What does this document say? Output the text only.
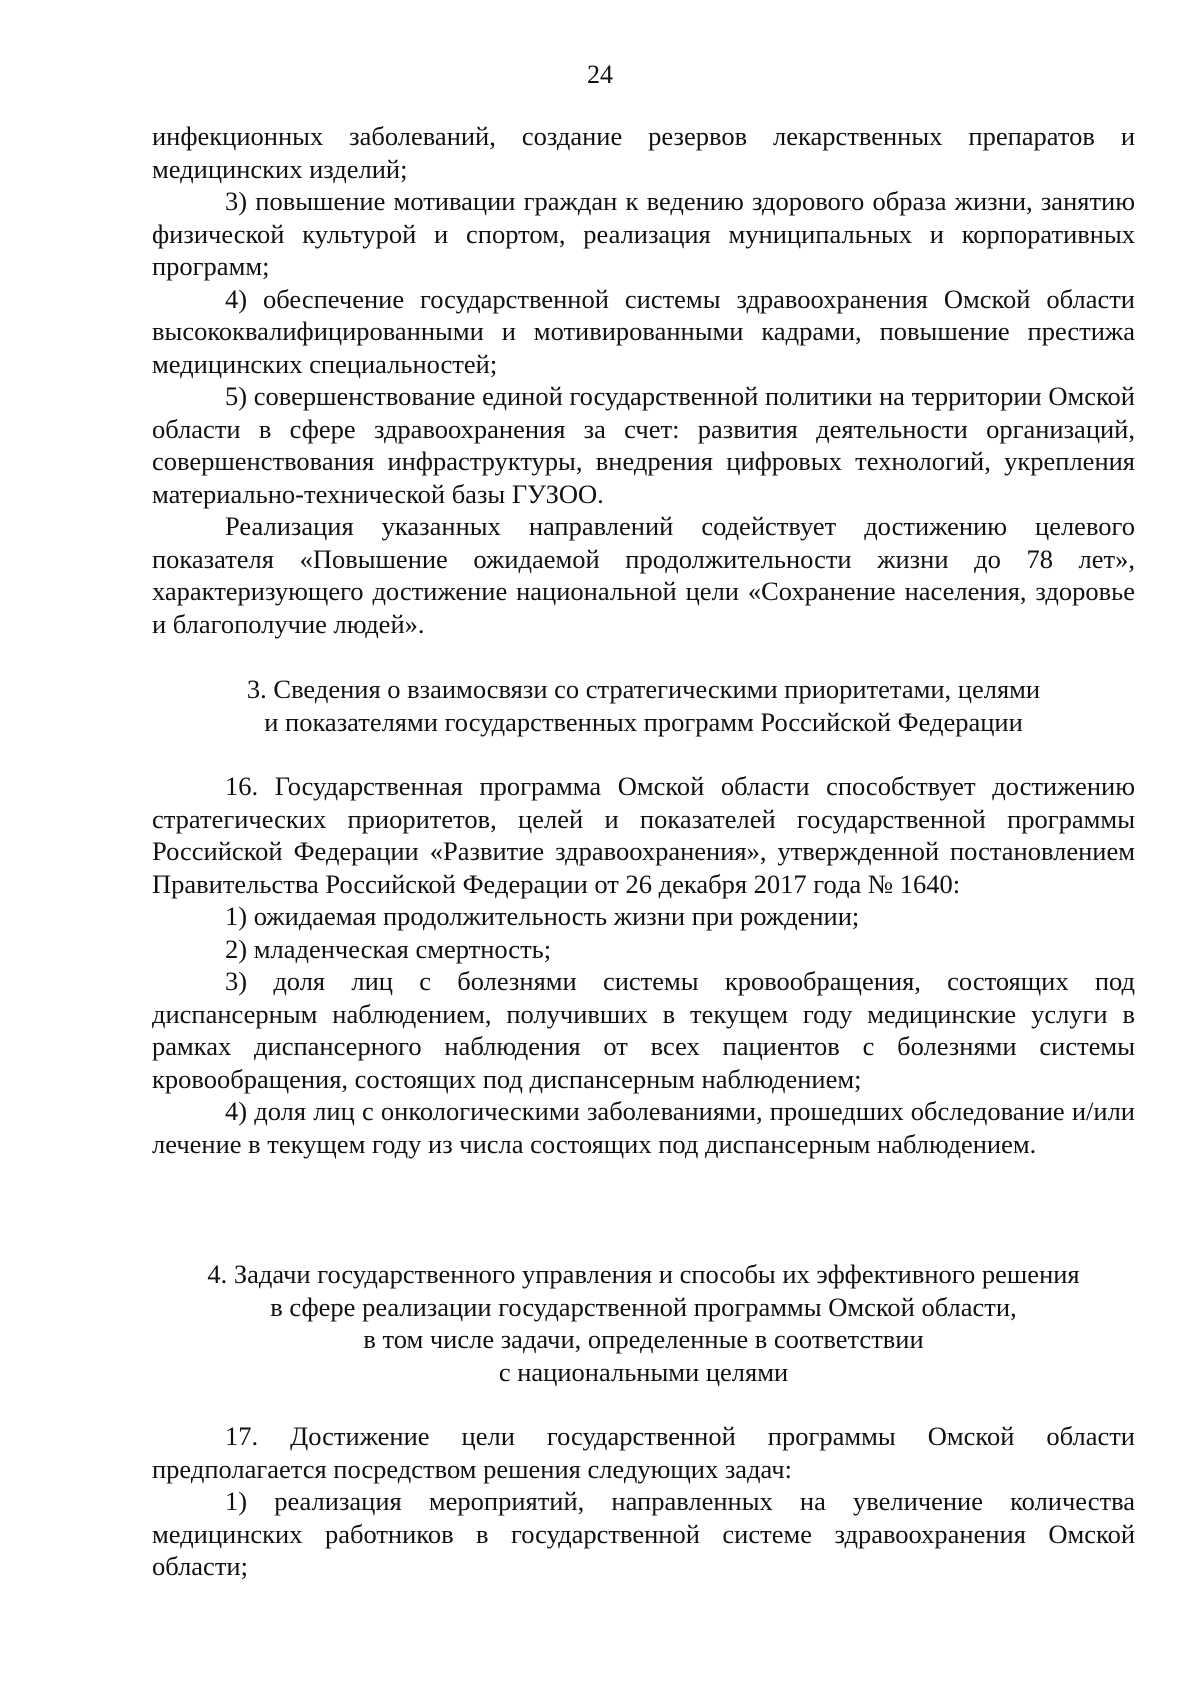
24

инфекционных заболеваний, создание резервов лекарственных препаратов и медицинских изделий;

3) повышение мотивации граждан к ведению здорового образа жизни, занятию физической культурой и спортом, реализация муниципальных и корпоративных программ;

4) обеспечение государственной системы здравоохранения Омской области высококвалифицированными и мотивированными кадрами, повышение престижа медицинских специальностей;

5) совершенствование единой государственной политики на территории Омской области в сфере здравоохранения за счет: развития деятельности организаций, совершенствования инфраструктуры, внедрения цифровых технологий, укрепления материально-технической базы ГУЗОО.

Реализация указанных направлений содействует достижению целевого показателя «Повышение ожидаемой продолжительности жизни до 78 лет», характеризующего достижение национальной цели «Сохранение населения, здоровье и благополучие людей».

3. Сведения о взаимосвязи со стратегическими приоритетами, целями
и показателями государственных программ Российской Федерации

16. Государственная программа Омской области способствует достижению стратегических приоритетов, целей и показателей государственной программы Российской Федерации «Развитие здравоохранения», утвержденной постановлением Правительства Российской Федерации от 26 декабря 2017 года № 1640:

1) ожидаемая продолжительность жизни при рождении;

2) младенческая смертность;

3) доля лиц с болезнями системы кровообращения, состоящих под диспансерным наблюдением, получивших в текущем году медицинские услуги в рамках диспансерного наблюдения от всех пациентов с болезнями системы кровообращения, состоящих под диспансерным наблюдением;

4) доля лиц с онкологическими заболеваниями, прошедших обследование и/или лечение в текущем году из числа состоящих под диспансерным наблюдением.

4. Задачи государственного управления и способы их эффективного решения
в сфере реализации государственной программы Омской области,
в том числе задачи, определенные в соответствии
с национальными целями

17. Достижение цели государственной программы Омской области предполагается посредством решения следующих задач:

1) реализация мероприятий, направленных на увеличение количества медицинских работников в государственной системе здравоохранения Омской области;
